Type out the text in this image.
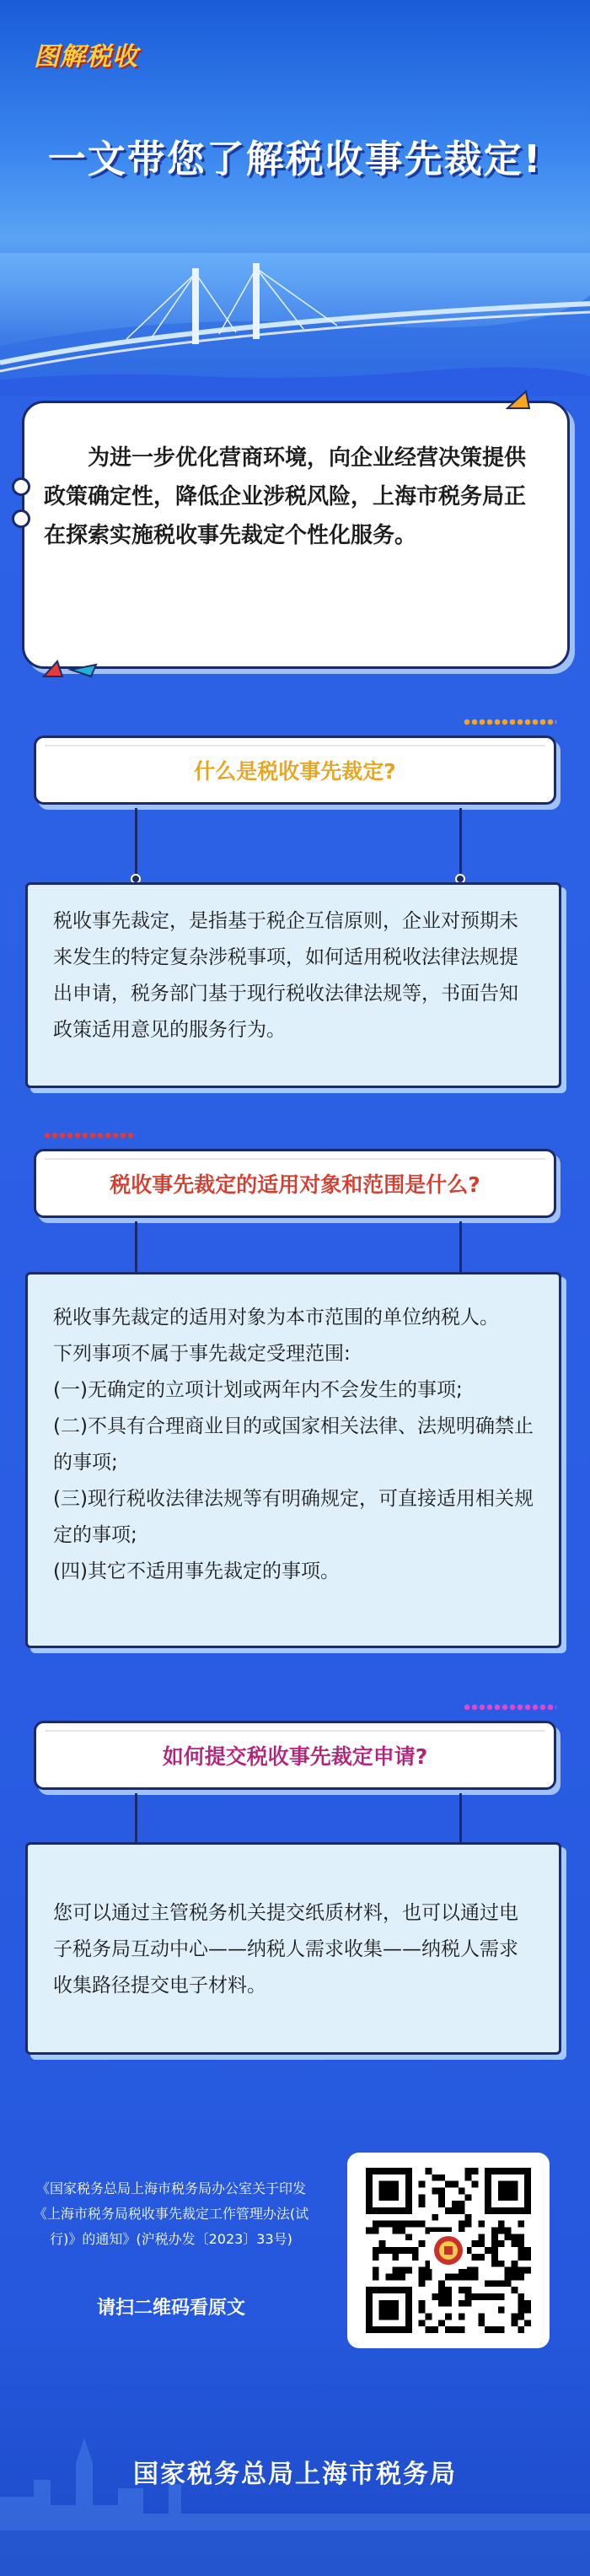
图解税收
一文带您了解税收事先裁定!
为进一步优化营商环境，向企业经营决策提供政策确定性，降低企业涉税风险，上海市税务局正在探索实施税收事先裁定个性化服务。
什么是税收事先裁定?

税收事先裁定，是指基于税企互信原则，企业对预期未来发生的特定复杂涉税事项，如何适用税收法律法规提出申请，税务部门基于现行税收法律法规等，书面告知政策适用意见的服务行为。

税收事先裁定的适用对象和范围是什么?

税收事先裁定的适用对象为本市范围的单位纳税人。

下列事项不属于事先裁定受理范围:

(一)无确定的立项计划或两年内不会发生的事项;

(二)不具有合理商业目的或国家相关法律、法规明确禁止的事项;

(三)现行税收法律法规等有明确规定，可直接适用相关规定的事项;

(四)其它不适用事先裁定的事项。

如何提交税收事先裁定申请?

您可以通过主管税务机关提交纸质材料，也可以通过电子税务局互动中心——纳税人需求收集——纳税人需求收集路径提交电子材料。

《国家税务总局上海市税务局办公室关于印发《上海市税务局税收事先裁定工作管理办法(试行)》的通知》(沪税办发〔2023〕33号)
请扫二维码看原文
国家税务总局上海市税务局
